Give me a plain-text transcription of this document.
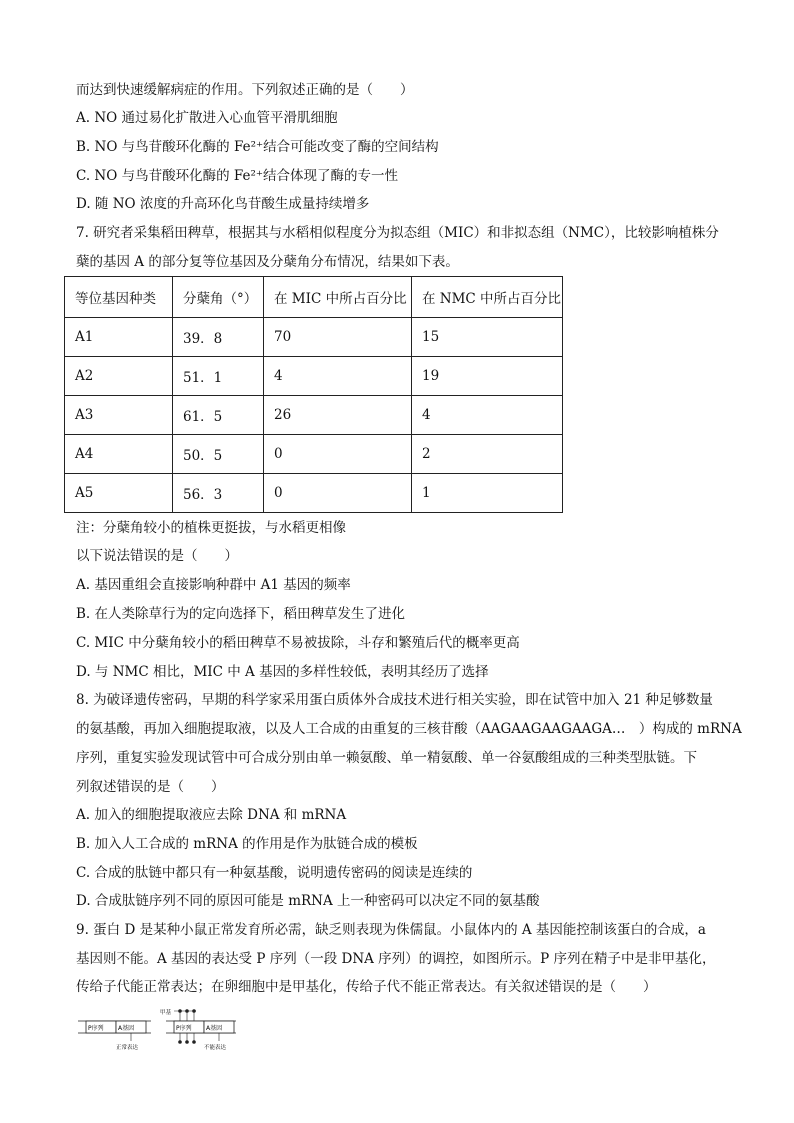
而达到快速缓解病症的作用。下列叙述正确的是（　　）
A. NO 通过易化扩散进入心血管平滑肌细胞
B. NO 与鸟苷酸环化酶的 Fe²⁺结合可能改变了酶的空间结构
C. NO 与鸟苷酸环化酶的 Fe²⁺结合体现了酶的专一性
D. 随 NO 浓度的升高环化鸟苷酸生成量持续增多
7. 研究者采集稻田稗草，根据其与水稻相似程度分为拟态组（MIC）和非拟态组（NMC），比较影响植株分
蘖的基因 A 的部分复等位基因及分蘖角分布情况，结果如下表。
等位基因种类	分蘖角（°）	在 MIC 中所占百分比	在 NMC 中所占百分比
A1	39．8	70	15
A2	51．1	4	19
A3	61．5	26	4
A4	50．5	0	2
A5	56．3	0	1
注：分蘖角较小的植株更挺拔，与水稻更相像
以下说法错误的是（　　）
A. 基因重组会直接影响种群中 A1 基因的频率
B. 在人类除草行为的定向选择下，稻田稗草发生了进化
C. MIC 中分蘖角较小的稻田稗草不易被拔除，斗存和繁殖后代的概率更高
D. 与 NMC 相比，MIC 中 A 基因的多样性较低，表明其经历了选择
8. 为破译遗传密码，早期的科学家采用蛋白质体外合成技术进行相关实验，即在试管中加入 21 种足够数量
的氨基酸，再加入细胞提取液，以及人工合成的由重复的三核苷酸（AAGAAGAAGAAGA…　）构成的 mRNA
序列，重复实验发现试管中可合成分别由单一赖氨酸、单一精氨酸、单一谷氨酸组成的三种类型肽链。下
列叙述错误的是（　　）
A. 加入的细胞提取液应去除 DNA 和 mRNA
B. 加入人工合成的 mRNA 的作用是作为肽链合成的模板
C. 合成的肽链中都只有一种氨基酸，说明遗传密码的阅读是连续的
D. 合成肽链序列不同的原因可能是 mRNA 上一种密码可以决定不同的氨基酸
9. 蛋白 D 是某种小鼠正常发育所必需，缺乏则表现为侏儒鼠。小鼠体内的 A 基因能控制该蛋白的合成，a
基因则不能。A 基因的表达受 P 序列（一段 DNA 序列）的调控，如图所示。P 序列在精子中是非甲基化，
传给子代能正常表达；在卵细胞中是甲基化，传给子代不能正常表达。有关叙述错误的是（　　）
P序列 A基因
正常表达
甲基
P序列 A基因
不能表达
